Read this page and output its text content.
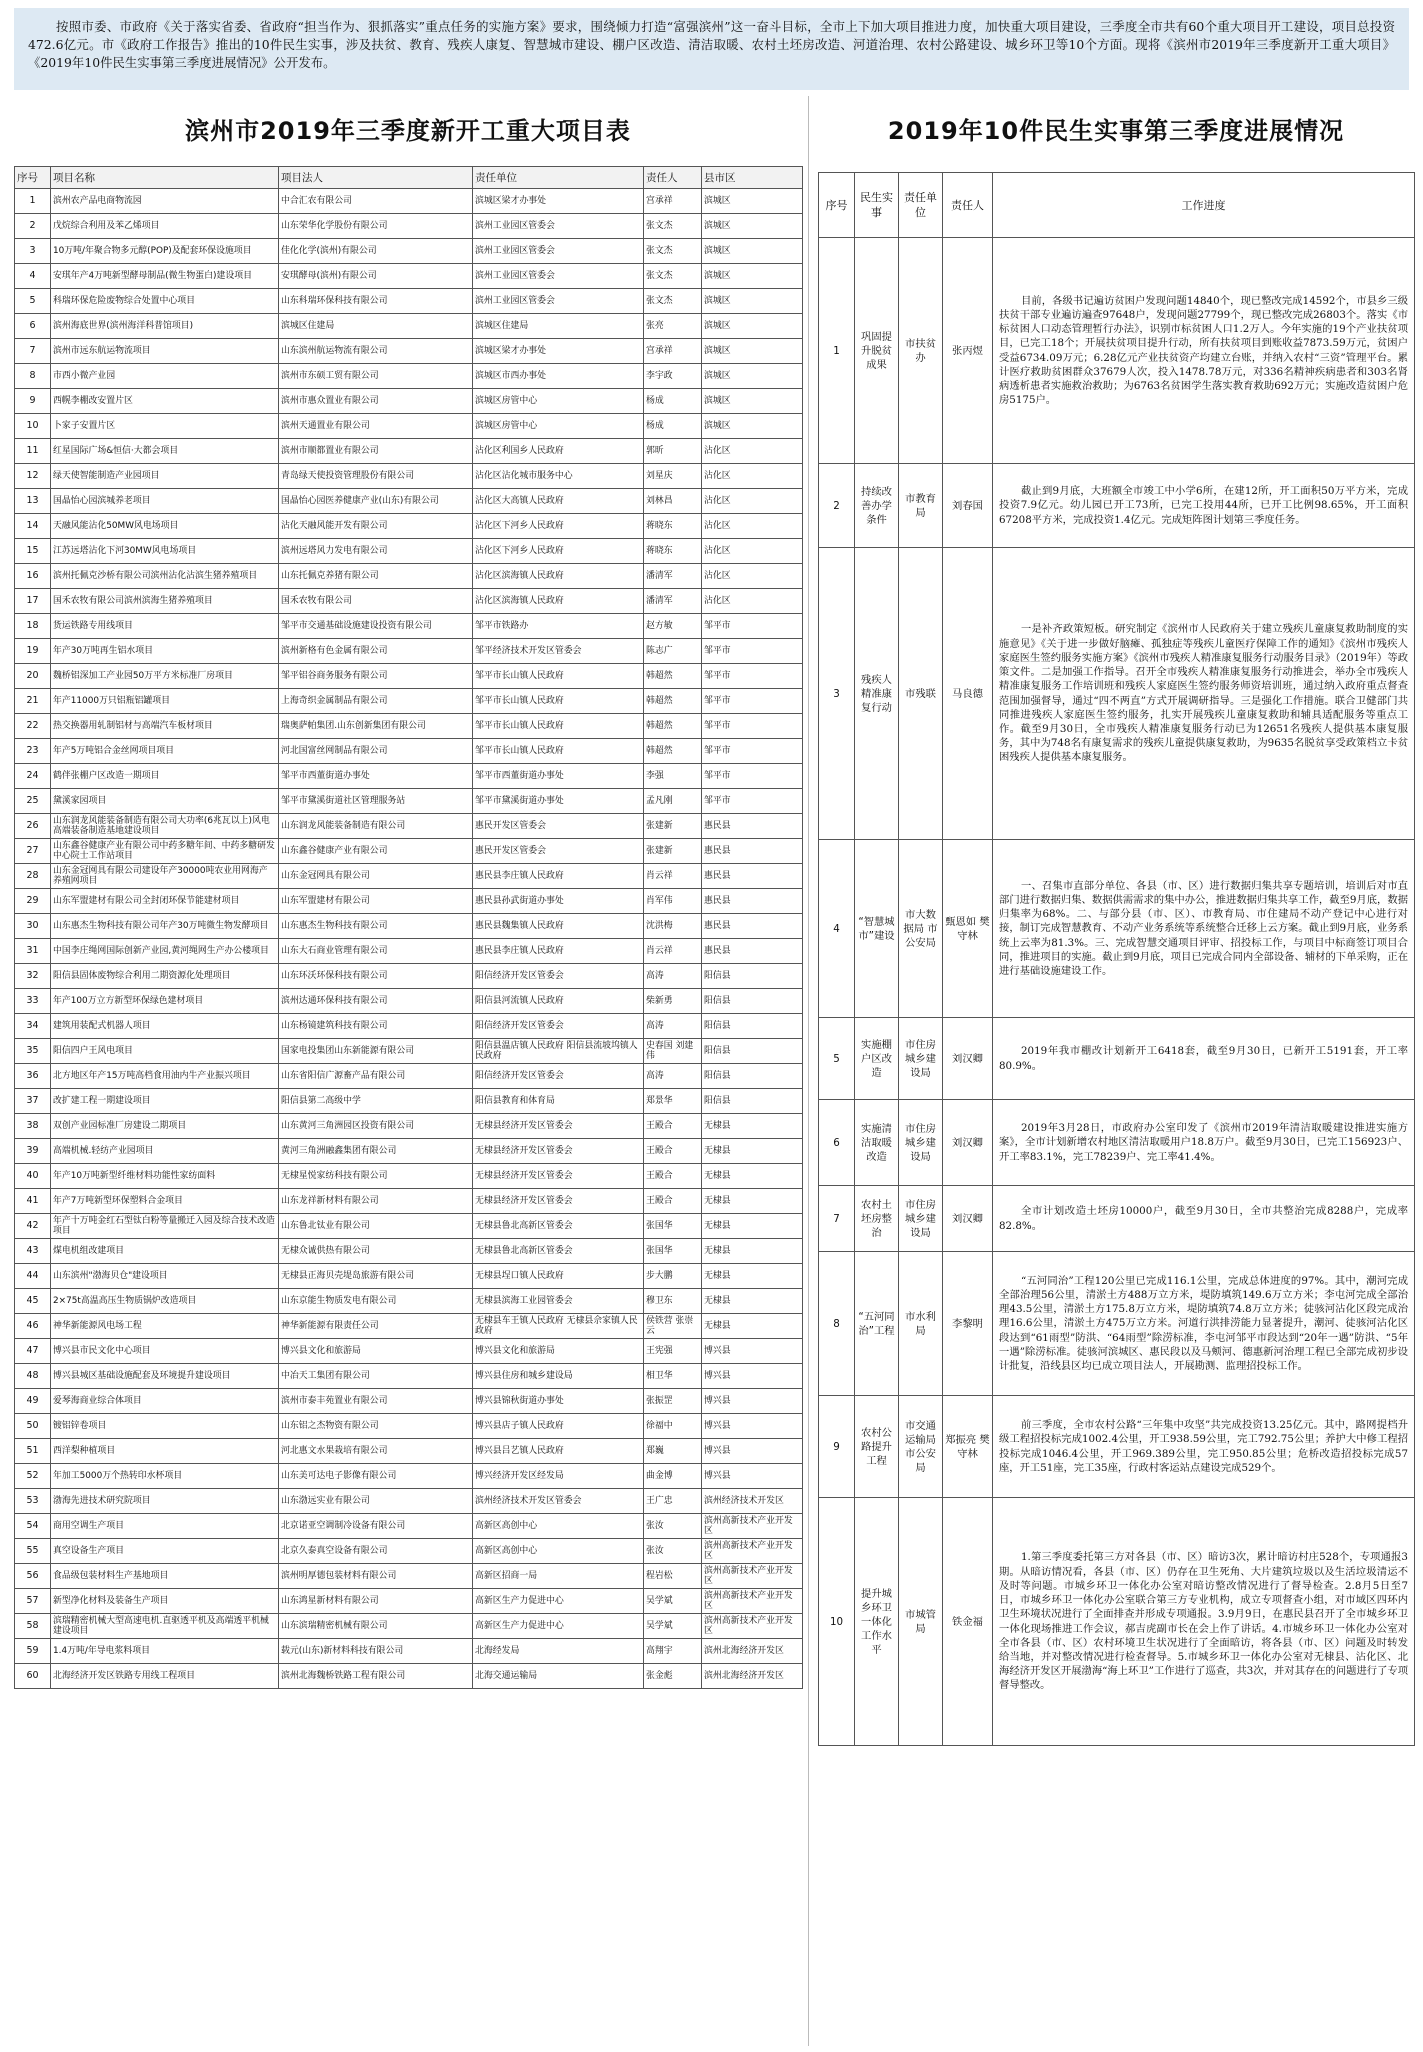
按照市委、市政府《关于落实省委、省政府“担当作为、狠抓落实”重点任务的实施方案》要求，围绕倾力打造“富强滨州”这一奋斗目标，全市上下加大项目推进力度，加快重大项目建设，三季度全市共有60个重大项目开工建设，项目总投资472.6亿元。市《政府工作报告》推出的10件民生实事，涉及扶贫、教育、残疾人康复、智慧城市建设、棚户区改造、清洁取暖、农村土坯房改造、河道治理、农村公路建设、城乡环卫等10个方面。现将《滨州市2019年三季度新开工重大项目》《2019年10件民生实事第三季度进展情况》公开发布。
滨州市2019年三季度新开工重大项目表
序号	项目名称	项目法人	责任单位	责任人	县市区
1	滨州农产品电商物流园	中合汇农有限公司	滨城区梁才办事处	宫承祥	滨城区
2	戊烷综合利用及苯乙烯项目	山东荣华化学股份有限公司	滨州工业园区管委会	张文杰	滨城区
3	10万吨/年聚合物多元醇(POP)及配套环保设施项目	佳化化学(滨州)有限公司	滨州工业园区管委会	张文杰	滨城区
4	安琪年产4万吨新型酵母制品(微生物蛋白)建设项目	安琪酵母(滨州)有限公司	滨州工业园区管委会	张文杰	滨城区
5	科瑞环保危险废物综合处置中心项目	山东科瑞环保科技有限公司	滨州工业园区管委会	张文杰	滨城区
6	滨州海底世界(滨州海洋科普馆项目)	滨城区住建局	滨城区住建局	张亮	滨城区
7	滨州市远东航运物流项目	山东滨州航运物流有限公司	滨城区梁才办事处	宫承祥	滨城区
8	市西小微产业园	滨州市东硕工贸有限公司	滨城区市西办事处	李宇政	滨城区
9	西幌李棚改安置片区	滨州市惠众置业有限公司	滨城区房管中心	杨成	滨城区
10	卜家子安置片区	滨州天通置业有限公司	滨城区房管中心	杨成	滨城区
11	红星国际广场&恒信·大都会项目	滨州市顺都置业有限公司	沾化区利国乡人民政府	郭昕	沾化区
12	绿天使智能制造产业园项目	青岛绿天使投资管理股份有限公司	沾化区沾化城市服务中心	刘星庆	沾化区
13	国晶怡心园滨城养老项目	国晶怡心园医养健康产业(山东)有限公司	沾化区大高镇人民政府	刘林昌	沾化区
14	天融风能沾化50MW风电场项目	沾化天融风能开发有限公司	沾化区下河乡人民政府	蒋晓东	沾化区
15	江苏远塔沾化下河30MW风电场项目	滨州远塔风力发电有限公司	沾化区下河乡人民政府	蒋晓东	沾化区
16	滨州托佩克沙桥有限公司滨州沾化沾滨生猪养殖项目	山东托佩克养猪有限公司	沾化区滨海镇人民政府	潘清军	沾化区
17	国禾农牧有限公司滨州滨海生猪养殖项目	国禾农牧有限公司	沾化区滨海镇人民政府	潘清军	沾化区
18	货运铁路专用线项目	邹平市交通基础设施建设投资有限公司	邹平市铁路办	赵方敏	邹平市
19	年产30万吨再生铝水项目	滨州新格有色金属有限公司	邹平经济技术开发区管委会	陈志广	邹平市
20	魏桥铝深加工产业园50万平方米标准厂房项目	邹平铝谷商务服务有限公司	邹平市长山镇人民政府	韩超然	邹平市
21	年产11000万只铝瓶铝罐项目	上海奇织金属制品有限公司	邹平市长山镇人民政府	韩超然	邹平市
22	热交换器用轧制铝材与高端汽车板材项目	瑞奥萨帕集团.山东创新集团有限公司	邹平市长山镇人民政府	韩超然	邹平市
23	年产5万吨铝合金丝网项目项目	河北国富丝网制品有限公司	邹平市长山镇人民政府	韩超然	邹平市
24	鹤伴张棚户区改造一期项目	邹平市西董街道办事处	邹平市西董街道办事处	李强	邹平市
25	黛溪家园项目	邹平市黛溪街道社区管理服务站	邹平市黛溪街道办事处	孟凡刚	邹平市
26	山东润龙风能装备制造有限公司大功率(6兆瓦以上)风电高端装备制造基地建设项目	山东润龙风能装备制造有限公司	惠民开发区管委会	张建新	惠民县
27	山东鑫谷健康产业有限公司中药多糖年间、中药多糖研发中心院士工作站项目	山东鑫谷健康产业有限公司	惠民开发区管委会	张建新	惠民县
28	山东金冠网具有限公司建设年产30000吨农业用网海产养殖网项目	山东金冠网具有限公司	惠民县李庄镇人民政府	肖云祥	惠民县
29	山东军盟建材有限公司全封闭环保节能建材项目	山东军盟建材有限公司	惠民县孙武街道办事处	肖军伟	惠民县
30	山东惠杰生物科技有限公司年产30万吨微生物发酵项目	山东惠杰生物科技有限公司	惠民县魏集镇人民政府	沈洪梅	惠民县
31	中国李庄绳网国际创新产业园,黄河绳网生产办公楼项目	山东大石商业管理有限公司	惠民县李庄镇人民政府	肖云祥	惠民县
32	阳信县固体废物综合利用二期资源化处理项目	山东环沃环保科技有限公司	阳信经济开发区管委会	高涛	阳信县
33	年产100万立方新型环保绿色建材项目	滨州达通环保科技有限公司	阳信县河流镇人民政府	柴新勇	阳信县
34	建筑用装配式机器人项目	山东杨镜建筑科技有限公司	阳信经济开发区管委会	高涛	阳信县
35	阳信四户王风电项目	国家电投集团山东新能源有限公司	阳信县温店镇人民政府 阳信县流坡坞镇人民政府	史春国 刘建伟	阳信县
36	北方地区年产15万吨高档食用油内牛产业振兴项目	山东省阳信广源畜产品有限公司	阳信经济开发区管委会	高涛	阳信县
37	改扩建工程一期建设项目	阳信县第二高级中学	阳信县教育和体育局	郑景华	阳信县
38	双创产业园标准厂房建设二期项目	山东黄河三角洲园区投资有限公司	无棣县经济开发区管委会	王殿合	无棣县
39	高端机械.轻纺产业园项目	黄河三角洲融鑫集团有限公司	无棣县经济开发区管委会	王殿合	无棣县
40	年产10万吨新型纤维材料功能性家纺面料	无棣星悦家纺科技有限公司	无棣县经济开发区管委会	王殿合	无棣县
41	年产7万吨新型环保塑料合金项目	山东龙祥新材料有限公司	无棣县经济开发区管委会	王殿合	无棣县
42	年产十万吨金红石型钛白粉等量搬迁入园及综合技术改造项目	山东鲁北钛业有限公司	无棣县鲁北高新区管委会	张国华	无棣县
43	煤电机组改建项目	无棣众诚供热有限公司	无棣县鲁北高新区管委会	张国华	无棣县
44	山东滨州"渤海贝仓"建设项目	无棣县正海贝壳堤岛旅游有限公司	无棣县埕口镇人民政府	步大鹏	无棣县
45	2×75t高温高压生物质锅炉改造项目	山东京能生物质发电有限公司	无棣县滨海工业园管委会	穆卫东	无棣县
46	神华新能源风电场工程	神华新能源有限责任公司	无棣县车王镇人民政府 无棣县佘家镇人民政府	侯铁营 张崇云	无棣县
47	博兴县市民文化中心项目	博兴县文化和旅游局	博兴县文化和旅游局	王宪强	博兴县
48	博兴县城区基础设施配套及环境提升建设项目	中冶天工集团有限公司	博兴县住房和城乡建设局	相卫华	博兴县
49	爱琴海商业综合体项目	滨州市泰丰苑置业有限公司	博兴县锦秋街道办事处	张振罡	博兴县
50	镀铝锌卷项目	山东铝之杰物资有限公司	博兴县店子镇人民政府	徐福中	博兴县
51	西洋梨种植项目	河北惠文水果栽培有限公司	博兴县吕艺镇人民政府	郑巍	博兴县
52	年加工5000万个热转印水杯项目	山东美可达电子影像有限公司	博兴经济开发区经发局	曲金博	博兴县
53	渤海先进技术研究院项目	山东渤远实业有限公司	滨州经济技术开发区管委会	王广忠	滨州经济技术开发区
54	商用空调生产项目	北京诺亚空调制冷设备有限公司	高新区高创中心	张汝	滨州高新技术产业开发区
55	真空设备生产项目	北京久泰真空设备有限公司	高新区高创中心	张汝	滨州高新技术产业开发区
56	食品级包装材料生产基地项目	滨州明厚德包装材料有限公司	高新区招商一局	程岩松	滨州高新技术产业开发区
57	新型净化材料及装备生产项目	山东鸿星新材料有限公司	高新区生产力促进中心	吴学斌	滨州高新技术产业开发区
58	滨瑞精密机械大型高速电机.直驱透平机及高端透平机械建设项目	山东滨瑞精密机械有限公司	高新区生产力促进中心	吴学斌	滨州高新技术产业开发区
59	1.4万吨/年导电浆料项目	载元(山东)新材料科技有限公司	北海经发局	高翔宇	滨州北海经济开发区
60	北海经济开发区铁路专用线工程项目	滨州北海魏桥铁路工程有限公司	北海交通运输局	张金彪	滨州北海经济开发区
2019年10件民生实事第三季度进展情况
序号	民生实事	责任单位	责任人	工作进度
1	巩固提升脱贫成果	市扶贫办	张丙煜	目前，各级书记遍访贫困户发现问题14840个，现已整改完成14592个，市县乡三级扶贫干部专业遍访遍查97648户，发现问题27799个，现已整改完成26803个。落实《市标贫困人口动态管理暂行办法》，识别市标贫困人口1.2万人。今年实施的19个产业扶贫项目，已完工18个；开展扶贫项目提升行动，所有扶贫项目到账收益7873.59万元，贫困户受益6734.09万元；6.28亿元产业扶贫资产均建立台账，并纳入农村“三资”管理平台。累计医疗救助贫困群众37679人次，投入1478.78万元，对336名精神疾病患者和303名肾病透析患者实施救治救助；为6763名贫困学生落实教育救助692万元；实施改造贫困户危房5175户。
2	持续改善办学条件	市教育局	刘春国	截止到9月底，大班额全市竣工中小学6所，在建12所，开工面积50万平方米，完成投资7.9亿元。幼儿园已开工73所，已完工投用44所，已开工比例98.65%，开工面积67208平方米，完成投资1.4亿元。完成矩阵图计划第三季度任务。
3	残疾人精准康复行动	市残联	马良德	一是补齐政策短板。研究制定《滨州市人民政府关于建立残疾儿童康复救助制度的实施意见》《关于进一步做好脑瘫、孤独症等残疾儿童医疗保障工作的通知》《滨州市残疾人家庭医生签约服务实施方案》《滨州市残疾人精准康复服务行动服务目录》（2019年）等政策文件。二是加强工作指导。召开全市残疾人精准康复服务行动推进会，举办全市残疾人精准康复服务工作培训班和残疾人家庭医生签约服务师资培训班，通过纳入政府重点督查范围加强督导，通过“四不两直”方式开展调研指导。三是强化工作措施。联合卫健部门共同推进残疾人家庭医生签约服务，扎实开展残疾儿童康复救助和辅具适配服务等重点工作。截至9月30日，全市残疾人精准康复服务行动已为12651名残疾人提供基本康复服务，其中为748名有康复需求的残疾儿童提供康复救助，为9635名脱贫享受政策档立卡贫困残疾人提供基本康复服务。
4	“智慧城市”建设	市大数据局 市公安局	甄恩如 樊守林	一、召集市直部分单位、各县（市、区）进行数据归集共享专题培训，培训后对市直部门进行数据归集、数据供需需求的集中办公，推进数据归集共享工作，截至9月底，数据归集率为68%。二、与部分县（市、区）、市教育局、市住建局不动产登记中心进行对接，制订完成智慧教育、不动产业务系统等系统整合迁移上云方案。截止到9月底，业务系统上云率为81.3%。三、完成智慧交通项目评审、招投标工作，与项目中标商签订项目合同，推进项目的实施。截止到9月底，项目已完成合同内全部设备、辅材的下单采购，正在进行基础设施建设工作。
5	实施棚户区改造	市住房城乡建设局	刘汉卿	2019年我市棚改计划新开工6418套，截至9月30日，已新开工5191套，开工率80.9%。
6	实施清洁取暖改造	市住房城乡建设局	刘汉卿	2019年3月28日，市政府办公室印发了《滨州市2019年清洁取暖建设推进实施方案》，全市计划新增农村地区清洁取暖用户18.8万户。截至9月30日，已完工156923户、开工率83.1%，完工78239户、完工率41.4%。
7	农村土坯房整治	市住房城乡建设局	刘汉卿	全市计划改造土坯房10000户，截至9月30日，全市共整治完成8288户，完成率82.8%。
8	“五河同治”工程	市水利局	李黎明	“五河同治”工程120公里已完成116.1公里，完成总体进度的97%。其中，潮河完成全部治理56公里，清淤土方488万立方米，堤防填筑149.6万立方米；李屯河完成全部治理43.5公里，清淤土方175.8万立方米，堤防填筑74.8万立方米；徒骇河沾化区段完成治理16.6公里，清淤土方475万立方米。河道行洪排涝能力显著提升，潮河、徒骇河沾化区段达到“61雨型”防洪、“64雨型”除涝标准，李屯河邹平市段达到“20年一遇”防洪、“5年一遇”除涝标准。徒骇河滨城区、惠民段以及马颊河、德惠新河治理工程已全部完成初步设计批复，沿线县区均已成立项目法人，开展勘测、监理招投标工作。
9	农村公路提升工程	市交通运输局 市公安局	郑振亮 樊守林	前三季度，全市农村公路“三年集中攻坚”共完成投资13.25亿元。其中，路网提档升级工程招投标完成1002.4公里，开工938.59公里，完工792.75公里；养护大中修工程招投标完成1046.4公里，开工969.389公里，完工950.85公里；危桥改造招投标完成57座，开工51座，完工35座，行政村客运站点建设完成529个。
10	提升城乡环卫一体化工作水平	市城管局	铁金福	1.第三季度委托第三方对各县（市、区）暗访3次，累计暗访村庄528个，专项通报3期。从暗访情况看，各县（市、区）仍存在卫生死角、大片建筑垃圾以及生活垃圾清运不及时等问题。市城乡环卫一体化办公室对暗访整改情况进行了督导检查。2.8月5日至7日，市城乡环卫一体化办公室联合第三方专业机构，成立专项督查小组，对市域区四环内卫生环境状况进行了全面排查并形成专项通报。3.9月9日，在惠民县召开了全市城乡环卫一体化现场推进工作会议，郝吉虎副市长在会上作了讲话。4.市城乡环卫一体化办公室对全市各县（市、区）农村环境卫生状况进行了全面暗访，将各县（市、区）问题及时转发给当地，并对整改情况进行检查督导。5.市城乡环卫一体化办公室对无棣县、沾化区、北海经济开发区开展渤海“海上环卫”工作进行了巡查，共3次，并对其存在的问题进行了专项督导整改。
